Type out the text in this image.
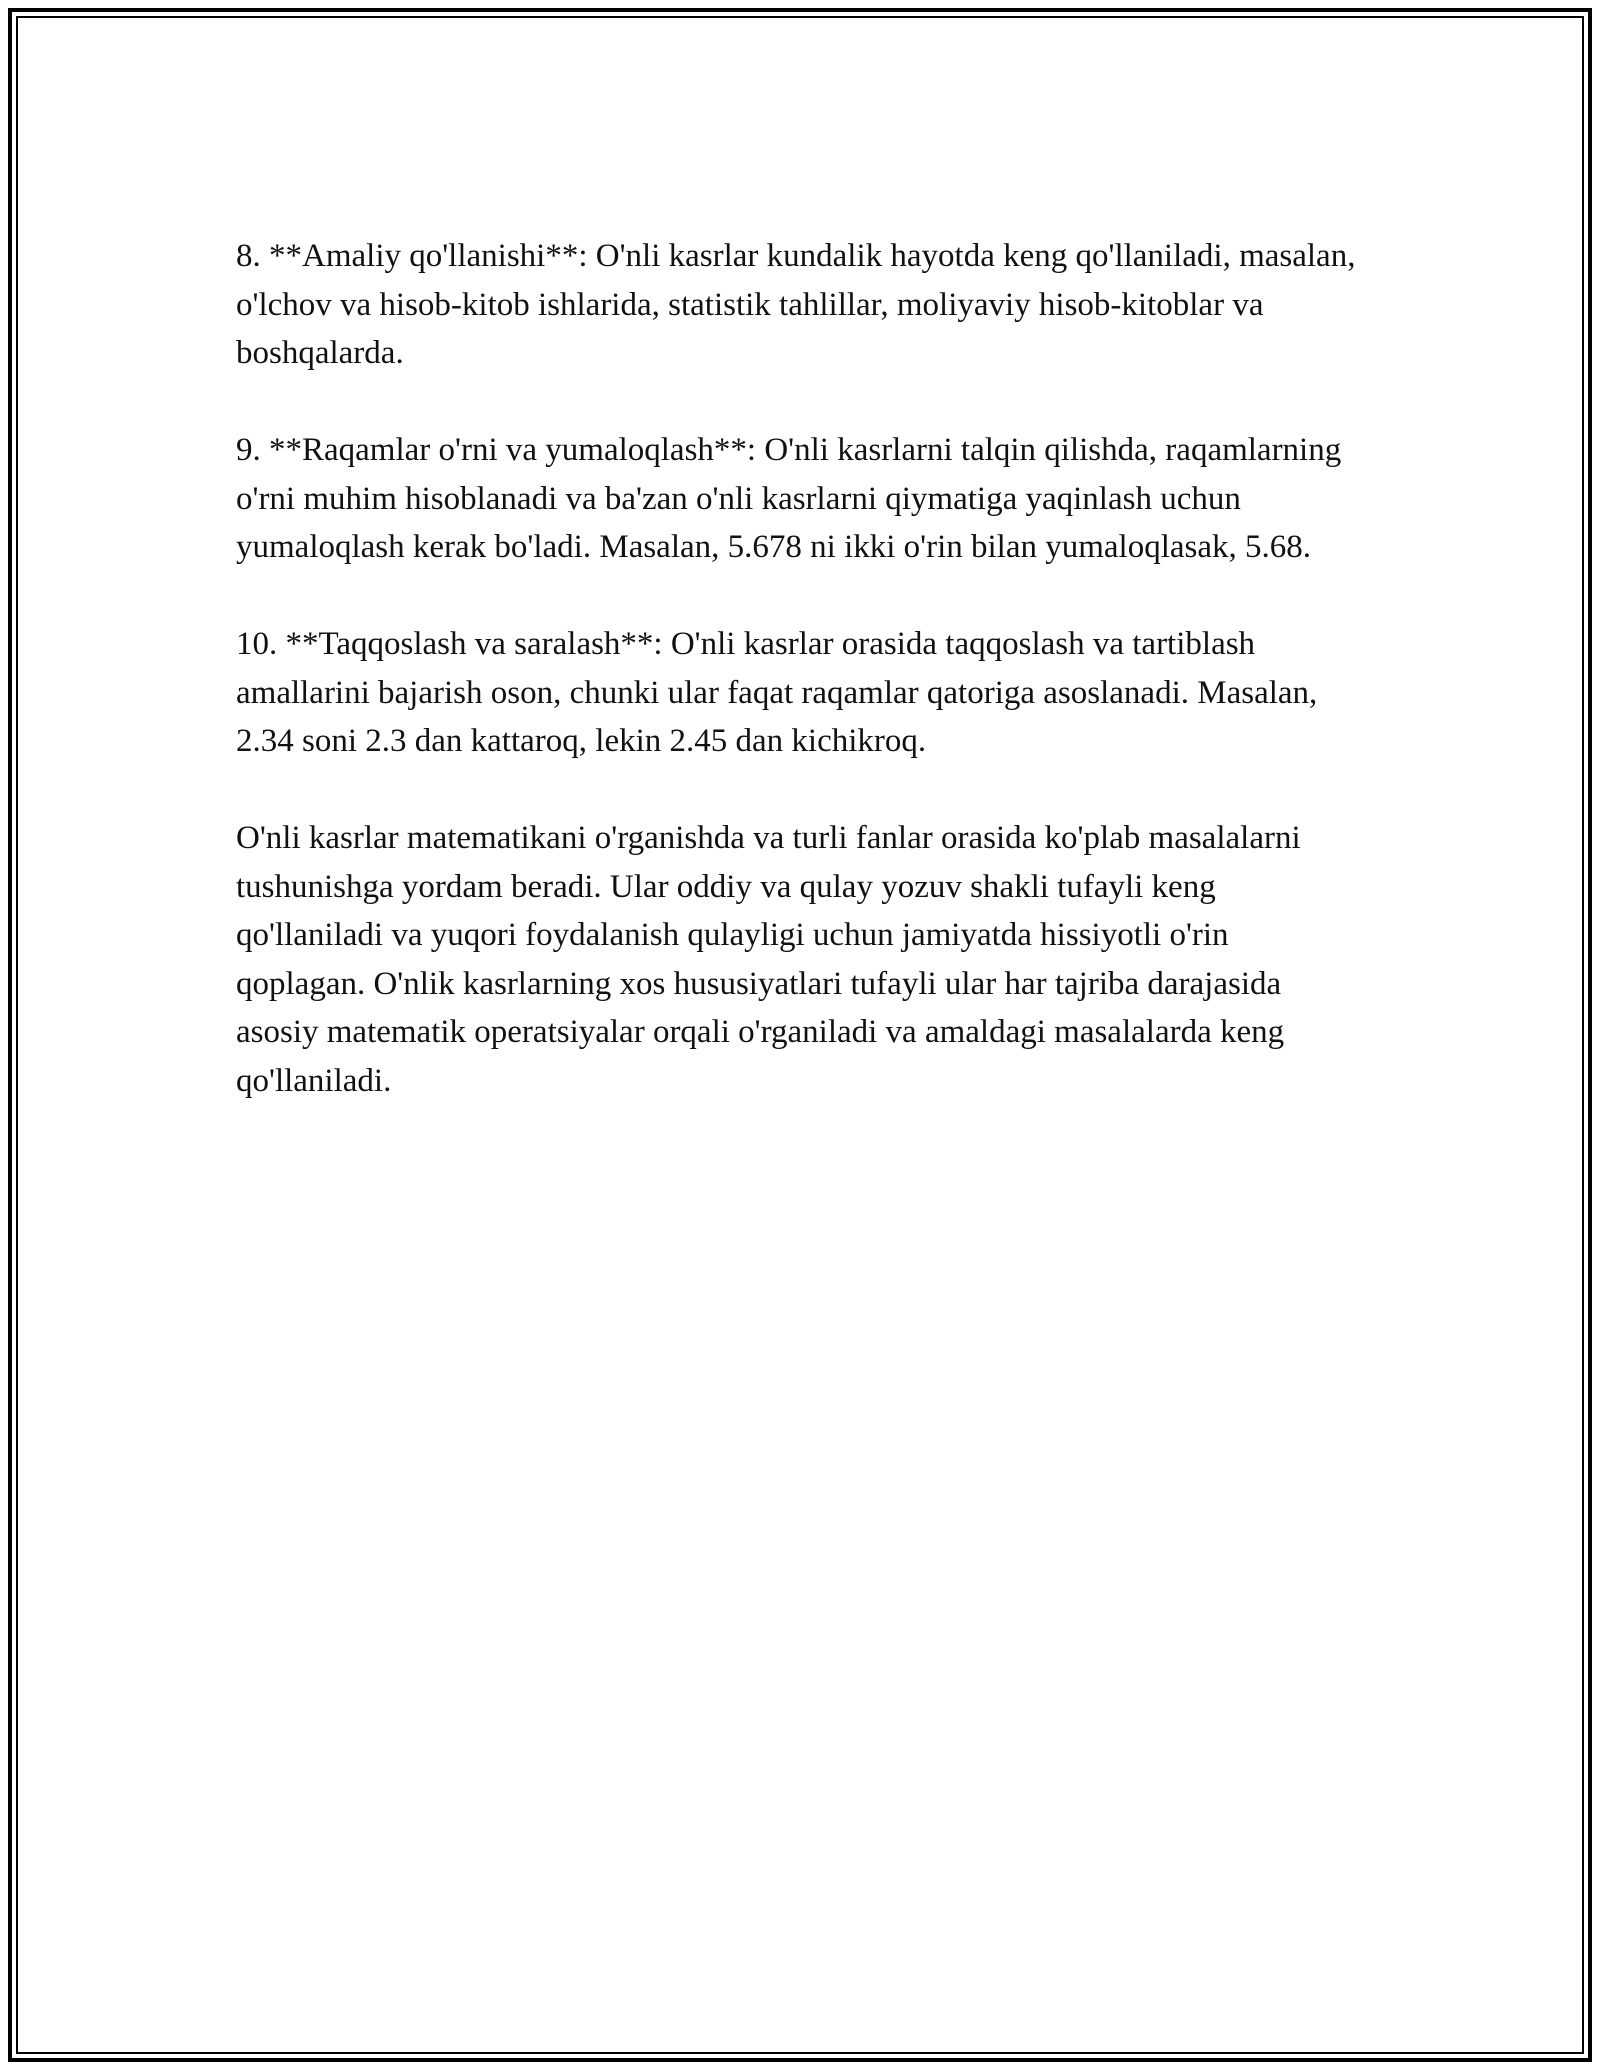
8. **Amaliy qo'llanishi**: O'nli kasrlar kundalik hayotda keng qo'llaniladi, masalan, o'lchov va hisob-kitob ishlarida, statistik tahlillar, moliyaviy hisob-kitoblar va boshqalarda.

9. **Raqamlar o'rni va yumaloqlash**: O'nli kasrlarni talqin qilishda, raqamlarning o'rni muhim hisoblanadi va ba'zan o'nli kasrlarni qiymatiga yaqinlash uchun yumaloqlash kerak bo'ladi. Masalan, 5.678 ni ikki o'rin bilan yumaloqlasak, 5.68.

10. **Taqqoslash va saralash**: O'nli kasrlar orasida taqqoslash va tartiblash amallarini bajarish oson, chunki ular faqat raqamlar qatoriga asoslanadi. Masalan, 2.34 soni 2.3 dan kattaroq, lekin 2.45 dan kichikroq.

O'nli kasrlar matematikani o'rganishda va turli fanlar orasida ko'plab masalalarni tushunishga yordam beradi. Ular oddiy va qulay yozuv shakli tufayli keng qo'llaniladi va yuqori foydalanish qulayligi uchun jamiyatda hissiyotli o'rin qoplagan. O'nlik kasrlarning xos hususiyatlari tufayli ular har tajriba darajasida asosiy matematik operatsiyalar orqali o'rganiladi va amaldagi masalalarda keng qo'llaniladi.
